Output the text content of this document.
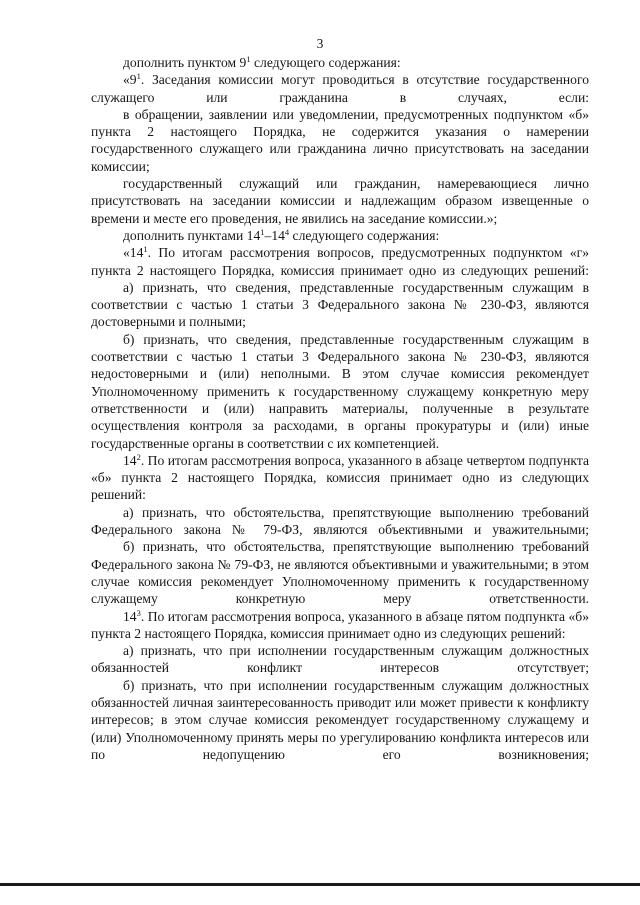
3

дополнить пунктом $9^1$ следующего содержания:

«$9^1$. Заседания комиссии могут проводиться в отсутствие государственного служащего или гражданина в случаях, если:

в обращении, заявлении или уведомлении, предусмотренных подпунктом «б» пункта 2 настоящего Порядка, не содержится указания о намерении государственного служащего или гражданина лично присутствовать на заседании комиссии;

государственный служащий или гражданин, намеревающиеся лично присутствовать на заседании комиссии и надлежащим образом извещенные о времени и месте его проведения, не явились на заседание комиссии.»;

дополнить пунктами $14^1-14^4$ следующего содержания:

«$14^1$. По итогам рассмотрения вопросов, предусмотренных подпунктом «г» пункта 2 настоящего Порядка, комиссия принимает одно из следующих решений:

а) признать, что сведения, представленные государственным служащим в соответствии с частью 1 статьи 3 Федерального закона № 230-ФЗ, являются достоверными и полными;

б) признать, что сведения, представленные государственным служащим в соответствии с частью 1 статьи 3 Федерального закона № 230-ФЗ, являются недостоверными и (или) неполными. В этом случае комиссия рекомендует Уполномоченному применить к государственному служащему конкретную меру ответственности и (или) направить материалы, полученные в результате осуществления контроля за расходами, в органы прокуратуры и (или) иные государственные органы в соответствии с их компетенцией.

$14^2$. По итогам рассмотрения вопроса, указанного в абзаце четвертом подпункта «б» пункта 2 настоящего Порядка, комиссия принимает одно из следующих решений:

а) признать, что обстоятельства, препятствующие выполнению требований Федерального закона № 79-ФЗ, являются объективными и уважительными;

б) признать, что обстоятельства, препятствующие выполнению требований Федерального закона № 79-ФЗ, не являются объективными и уважительными; в этом случае комиссия рекомендует Уполномоченному применить к государственному служащему конкретную меру ответственности.

$14^3$. По итогам рассмотрения вопроса, указанного в абзаце пятом подпункта «б» пункта 2 настоящего Порядка, комиссия принимает одно из следующих решений:

а) признать, что при исполнении государственным служащим должностных обязанностей конфликт интересов отсутствует;

б) признать, что при исполнении государственным служащим должностных обязанностей личная заинтересованность приводит или может привести к конфликту интересов; в этом случае комиссия рекомендует государственному служащему и (или) Уполномоченному принять меры по урегулированию конфликта интересов или по недопущению его возникновения;
